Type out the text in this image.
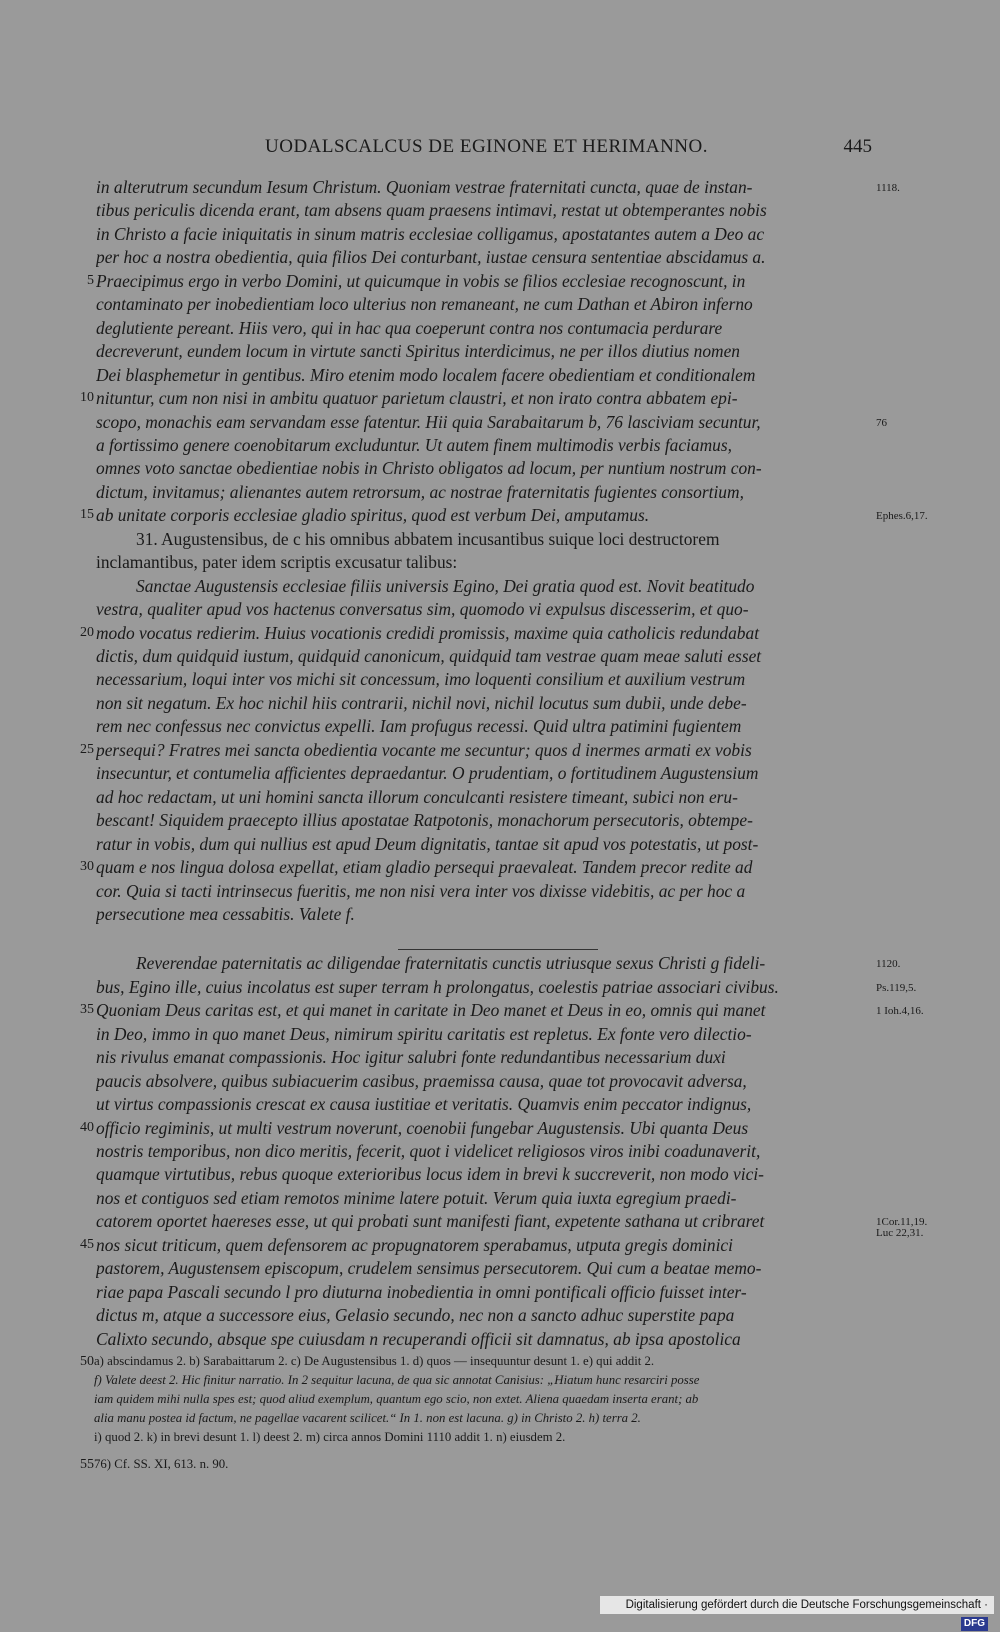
UODALSCALCUS DE EGINONE ET HERIMANNO.	445
in alterutrum secundum Iesum Christum. Quoniam vestrae fraternitati cuncta, quae de instan-
tibus periculis dicenda erant, tam absens quam praesens intimavi, restat ut obtemperantes nobis
in Christo a facie iniquitatis in sinum matris ecclesiae colligamus, apostatantes autem a Deo ac
per hoc a nostra obedientia, quia filios Dei conturbant, iustae censura sententiae abscidamus a.
Praecipimus ergo in verbo Domini, ut quicumque in vobis se filios ecclesiae recognoscunt, in
contaminato per inobedientiam loco ulterius non remaneant, ne cum Dathan et Abiron inferno
deglutiente pereant. Hiis vero, qui in hac qua coeperunt contra nos contumacia perdurare
decreverunt, eundem locum in virtute sancti Spiritus interdicimus, ne per illos diutius nomen
Dei blasphemetur in gentibus. Miro etenim modo localem facere obedientiam et conditionalem
nituntur, cum non nisi in ambitu quatuor parietum claustri, et non irato contra abbatem epi-
scopo, monachis eam servandam esse fatentur. Hii quia Sarabaitarum b, 76 lasciviam secuntur,
a fortissimo genere coenobitarum excluduntur. Ut autem finem multimodis verbis faciamus,
omnes voto sanctae obedientiae nobis in Christo obligatos ad locum, per nuntium nostrum con-
dictum, invitamus; alienantes autem retrorsum, ac nostrae fraternitatis fugientes consortium,
ab unitate corporis ecclesiae gladio spiritus, quod est verbum Dei, amputamus.
31. Augustensibus, de c his omnibus abbatem incusantibus suique loci destructorem
inclamantibus, pater idem scriptis excusatur talibus:
Sanctae Augustensis ecclesiae filiis universis Egino, Dei gratia quod est. Novit beatitudo
vestra, qualiter apud vos hactenus conversatus sim, quomodo vi expulsus discesserim, et quo-
modo vocatus redierim. Huius vocationis credidi promissis, maxime quia catholicis redundabat
dictis, dum quidquid iustum, quidquid canonicum, quidquid tam vestrae quam meae saluti esset
necessarium, loqui inter vos michi sit concessum, imo loquenti consilium et auxilium vestrum
non sit negatum. Ex hoc nichil hiis contrarii, nichil novi, nichil locutus sum dubii, unde debe-
rem nec confessus nec convictus expelli. Iam profugus recessi. Quid ultra patimini fugientem
persequi? Fratres mei sancta obedientia vocante me secuntur; quos d inermes armati ex vobis
insecuntur, et contumelia afficientes depraedantur. O prudentiam, o fortitudinem Augustensium
ad hoc redactam, ut uni homini sancta illorum conculcanti resistere timeant, subici non eru-
bescant! Siquidem praecepto illius apostatae Ratpotonis, monachorum persecutoris, obtempe-
ratur in vobis, dum qui nullius est apud Deum dignitatis, tantae sit apud vos potestatis, ut post-
quam e nos lingua dolosa expellat, etiam gladio persequi praevaleat. Tandem precor redite ad
cor. Quia si tacti intrinsecus fueritis, me non nisi vera inter vos dixisse videbitis, ac per hoc a
persecutione mea cessabitis. Valete f.
Reverendae paternitatis ac diligendae fraternitatis cunctis utriusque sexus Christi g fideli-
bus, Egino ille, cuius incolatus est super terram h prolongatus, coelestis patriae associari civibus.
Quoniam Deus caritas est, et qui manet in caritate in Deo manet et Deus in eo, omnis qui manet
in Deo, immo in quo manet Deus, nimirum spiritu caritatis est repletus. Ex fonte vero dilectio-
nis rivulus emanat compassionis. Hoc igitur salubri fonte redundantibus necessarium duxi
paucis absolvere, quibus subiacuerim casibus, praemissa causa, quae tot provocavit adversa,
ut virtus compassionis crescat ex causa iustitiae et veritatis. Quamvis enim peccator indignus,
officio regiminis, ut multi vestrum noverunt, coenobii fungebar Augustensis. Ubi quanta Deus
nostris temporibus, non dico meritis, fecerit, quot i videlicet religiosos viros inibi coadunaverit,
quamque virtutibus, rebus quoque exterioribus locus idem in brevi k succreverit, non modo vici-
nos et contiguos sed etiam remotos minime latere potuit. Verum quia iuxta egregium praedi-
catorem oportet haereses esse, ut qui probati sunt manifesti fiant, expetente sathana ut cribraret
nos sicut triticum, quem defensorem ac propugnatorem sperabamus, utputa gregis dominici
pastorem, Augustensem episcopum, crudelem sensimus persecutorem. Qui cum a beatae memo-
riae papa Pascali secundo l pro diuturna inobedientia in omni pontificali officio fuisset inter-
dictus m, atque a successore eius, Gelasio secundo, nec non a sancto adhuc superstite papa
Calixto secundo, absque spe cuiusdam n recuperandi officii sit damnatus, ab ipsa apostolica
5
10
15
20
25
30
35
40
45
1118.
76
Ephes.6,17.
1120.
Ps.119,5.
1 Ioh.4,16.
1Cor.11,19.
Luc 22,31.
50 a) abscindamus 2. b) Sarabaittarum 2. c) De Augustensibus 1. d) quos — insequuntur desunt 1. e) qui addit 2.
f) Valete deest 2. Hic finitur narratio. In 2 sequitur lacuna, de qua sic annotat Canisius: „Hiatum hunc resarciri posse
iam quidem mihi nulla spes est; quod aliud exemplum, quantum ego scio, non extet. Aliena quaedam inserta erant; ab
alia manu postea id factum, ne pagellae vacarent scilicet.“ In 1. non est lacuna. g) in Christo 2. h) terra 2.
i) quod 2. k) in brevi desunt 1. l) deest 2. m) circa annos Domini 1110 addit 1. n) eiusdem 2.
55 76) Cf. SS. XI, 613. n. 90.
Digitalisierung gefördert durch die Deutsche Forschungsgemeinschaft ·DFG
